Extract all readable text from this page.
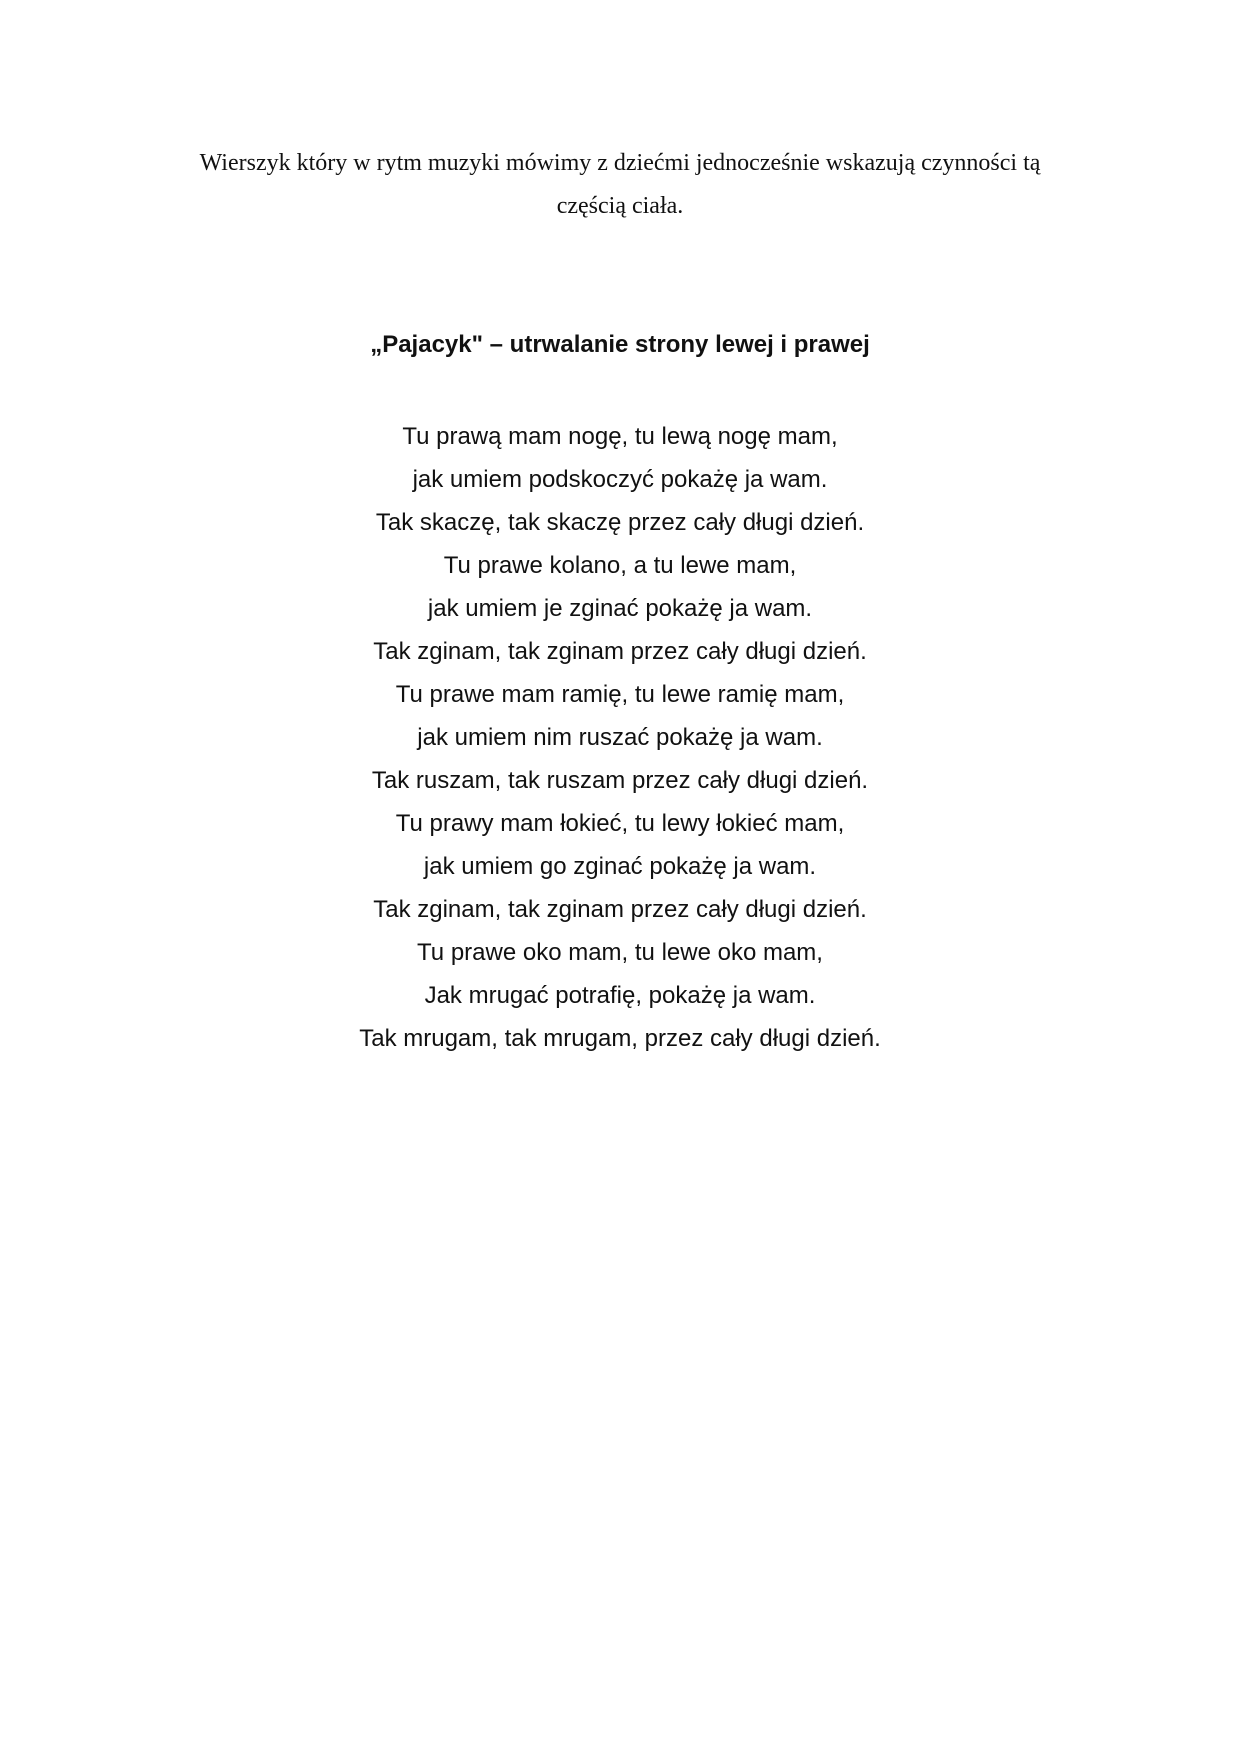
Wierszyk który w rytm muzyki mówimy z dziećmi jednocześnie wskazują czynności tą
częścią ciała.

„Pajacyk" – utrwalanie strony lewej i prawej
Tu prawą mam nogę, tu lewą nogę mam,
jak umiem podskoczyć pokażę ja wam.
Tak skaczę, tak skaczę przez cały długi dzień.
Tu prawe kolano, a tu lewe mam,
jak umiem je zginać pokażę ja wam.
Tak zginam, tak zginam przez cały długi dzień.
Tu prawe mam ramię, tu lewe ramię mam,
jak umiem nim ruszać pokażę ja wam.
Tak ruszam, tak ruszam przez cały długi dzień.
Tu prawy mam łokieć, tu lewy łokieć mam,
jak umiem go zginać pokażę ja wam.
Tak zginam, tak zginam przez cały długi dzień.
Tu prawe oko mam, tu lewe oko mam,
Jak mrugać potrafię, pokażę ja wam.
Tak mrugam, tak mrugam, przez cały długi dzień.
